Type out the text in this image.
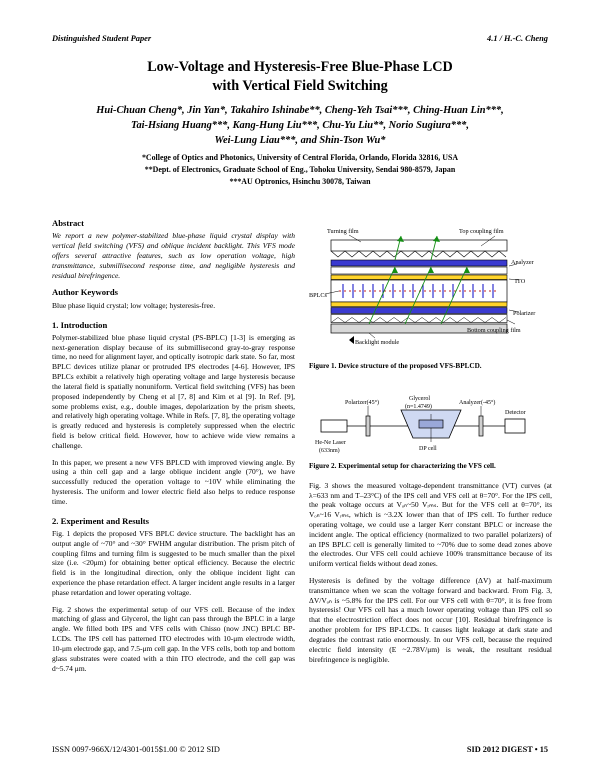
Distinguished Student Paper	4.1 / H.-C. Cheng
Low-Voltage and Hysteresis-Free Blue-Phase LCD
with Vertical Field Switching
Hui-Chuan Cheng*, Jin Yan*, Takahiro Ishinabe**, Cheng-Yeh Tsai***, Ching-Huan Lin***,
Tai-Hsiang Huang***, Kang-Hung Liu***, Chu-Yu Liu**, Norio Sugiura***,
Wei-Lung Liau***, and Shin-Tson Wu*
*College of Optics and Photonics, University of Central Florida, Orlando, Florida 32816, USA
**Dept. of Electronics, Graduate School of Eng., Tohoku University, Sendai 980-8579, Japan
***AU Optronics, Hsinchu 30078, Taiwan
Abstract

We report a new polymer-stabilized blue-phase liquid crystal display with vertical field switching (VFS) and oblique incident backlight. This VFS mode offers several attractive features, such as low operation voltage, high transmittance, submillisecond response time, and negligible hysteresis and residual birefringence.

Author Keywords

Blue phase liquid crystal; low voltage; hysteresis-free.

1. Introduction

Polymer-stabilized blue phase liquid crystal (PS-BPLC) [1-3] is emerging as next-generation display because of its submillisecond gray-to-gray response time, no need for alignment layer, and optically isotropic dark state. So far, most BPLC devices utilize planar or protruded IPS electrodes [4-6]. However, IPS BPLCs exhibit a relatively high operating voltage and large hysteresis because the lateral field is spatially nonuniform. Vertical field switching (VFS) has been proposed independently by Cheng et al [7, 8] and Kim et al [9]. In Ref. [9], some problems exist, e.g., double images, depolarization by the prism sheets, and relatively high operating voltage. While in Refs. [7, 8], the operating voltage is greatly reduced and hysteresis is completely suppressed when the electric field is below critical field. However, how to achieve wide view remains a challenge.

In this paper, we present a new VFS BPLCD with improved viewing angle. By using a thin cell gap and a large oblique incident angle (70°), we have successfully reduced the operation voltage to ~10V while eliminating the hysteresis. The uniform and lower electric field also helps to reduce response time.

2. Experiment and Results

Fig. 1 depicts the proposed VFS BPLC device structure. The backlight has an output angle of ~70° and ~30° FWHM angular distribution. The prism pitch of coupling films and turning film is suggested to be much smaller than the pixel size (i.e. <20μm) for obtaining better optical efficiency. Because the electric field is in the longitudinal direction, only the oblique incident light can experience the phase retardation effect. A larger incident angle results in a larger phase retardation and lower operating voltage.

Fig. 2 shows the experimental setup of our VFS cell. Because of the index matching of glass and Glycerol, the light can pass through the BPLC in a large angle. We filled both IPS and VFS cells with Chisso (now JNC) BPLC BP-LCDs. The IPS cell has patterned ITO electrodes with 10-μm electrode width, 10-μm electrode gap, and 7.5-μm cell gap. In the VFS cells, both top and bottom glass substrates were coated with a thin ITO electrode, and the cell gap was d~5.74 μm.

Turning film	Top coupling film
Analyzer
ITO
BPLCs
Polarizer
Bottom coupling film
Backlight module
Figure 1. Device structure of the proposed VFS-BPLCD.
Polarizer(45°)	Analyzer(-45°)
Detector
He-Ne Laser
(633nm)
Glycerol
(n=1.4749)
DP cell
Figure 2. Experimental setup for characterizing the VFS cell.

Fig. 3 shows the measured voltage-dependent transmittance (VT) curves (at λ=633 nm and T–23°C) of the IPS cell and VFS cell at θ=70°. For the IPS cell, the peak voltage occurs at Vₒₙ~50 Vᵣₘₛ. But for the VFS cell at θ=70°, its Vₒₙ~16 Vᵣₘₛ, which is ~3.2X lower than that of IPS cell. To further reduce operating voltage, we could use a larger Kerr constant BPLC or increase the incident angle. The optical efficiency (normalized to two parallel polarizers) of an IPS BPLC cell is generally limited to ~70% due to some dead zones above the electrodes. Our VFS cell could achieve 100% transmittance because of its uniform vertical fields without dead zones.

Hysteresis is defined by the voltage difference (ΔV) at half-maximum transmittance when we scan the voltage forward and backward. From Fig. 3, ΔV/Vₒₙ is ~5.8% for the IPS cell. For our VFS cell with θ=70°, it is free from hysteresis! Our VFS cell has a much lower operating voltage than IPS cell so that the electrostriction effect does not occur [10]. Residual birefringence is another problem for IPS BP-LCDs. It causes light leakage at dark state and degrades the contrast ratio enormously. In our VFS cell, because the required electric field intensity (E ~2.78V/μm) is weak, the resultant residual birefringence is negligible.

ISSN 0097-966X/12/4301-0015$1.00 © 2012 SID	SID 2012 DIGEST • 15
